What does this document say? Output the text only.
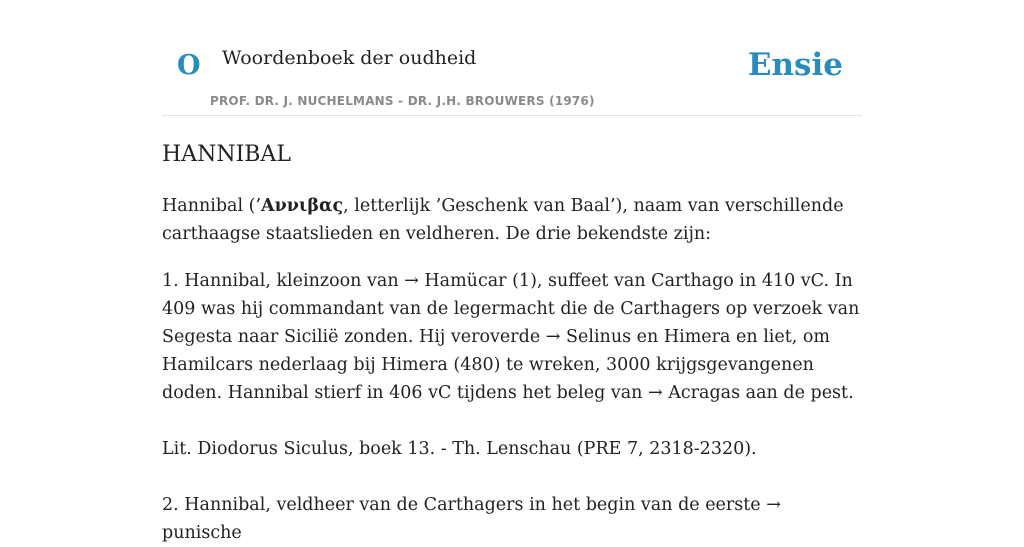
O Woordenboek der oudheid
PROF. DR. J. NUCHELMANS - DR. J.H. BROUWERS (1976)
Ensie
HANNIBAL

Hannibal (’Αννιβας, letterlijk ’Geschenk van Baal’), naam van verschillende carthaagse staatslieden en veldheren. De drie bekendste zijn:

1. Hannibal, kleinzoon van → Hamücar (1), suffeet van Carthago in 410 vC. In 409 was hij commandant van de legermacht die de Carthagers op verzoek van Segesta naar Sicilië zonden. Hij veroverde → Selinus en Himera en liet, om Hamilcars nederlaag bij Himera (480) te wreken, 3000 krijgsgevangenen doden. Hannibal stierf in 406 vC tijdens het beleg van → Acragas aan de pest.

Lit. Diodorus Siculus, boek 13. - Th. Lenschau (PRE 7, 2318-2320).

2. Hannibal, veldheer van de Carthagers in het begin van de eerste → punische
